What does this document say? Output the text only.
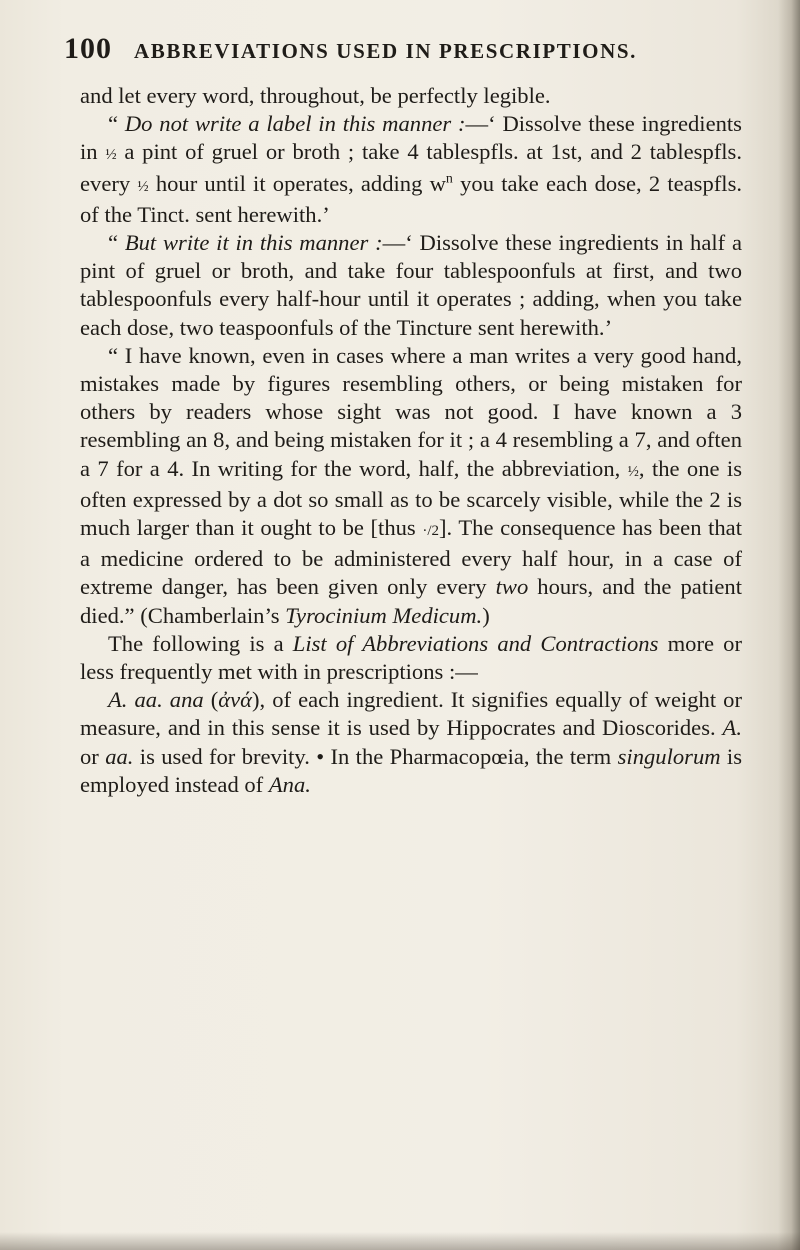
100 ABBREVIATIONS USED IN PRESCRIPTIONS.

and let every word, throughout, be perfectly legible.

“ Do not write a label in this manner :—‘ Dissolve these ingredients in ½ a pint of gruel or broth ; take 4 tablespfls. at 1st, and 2 tablespfls. every ½ hour until it operates, adding $w^n$ you take each dose, 2 teaspfls. of the Tinct. sent herewith.’

“ But write it in this manner :—‘ Dissolve these ingredients in half a pint of gruel or broth, and take four tablespoonfuls at first, and two tablespoonfuls every half-hour until it operates ; adding, when you take each dose, two teaspoonfuls of the Tincture sent herewith.’

“ I have known, even in cases where a man writes a very good hand, mistakes made by figures resembling others, or being mistaken for others by readers whose sight was not good. I have known a 3 resembling an 8, and being mistaken for it ; a 4 resembling a 7, and often a 7 for a 4. In writing for the word, half, the abbreviation, ½, the one is often expressed by a dot so small as to be scarcely visible, while the 2 is much larger than it ought to be [thus ·/2]. The consequence has been that a medicine ordered to be administered every half hour, in a case of extreme danger, has been given only every two hours, and the patient died.” (Chamberlain’s Tyrocinium Medicum.)

The following is a List of Abbreviations and Contractions more or less frequently met with in prescriptions :—

A. aa. ana (ἀνά), of each ingredient. It signifies equally of weight or measure, and in this sense it is used by Hippocrates and Dioscorides. A. or aa. is used for brevity. • In the Pharmacopœia, the term singulorum is employed instead of Ana.
